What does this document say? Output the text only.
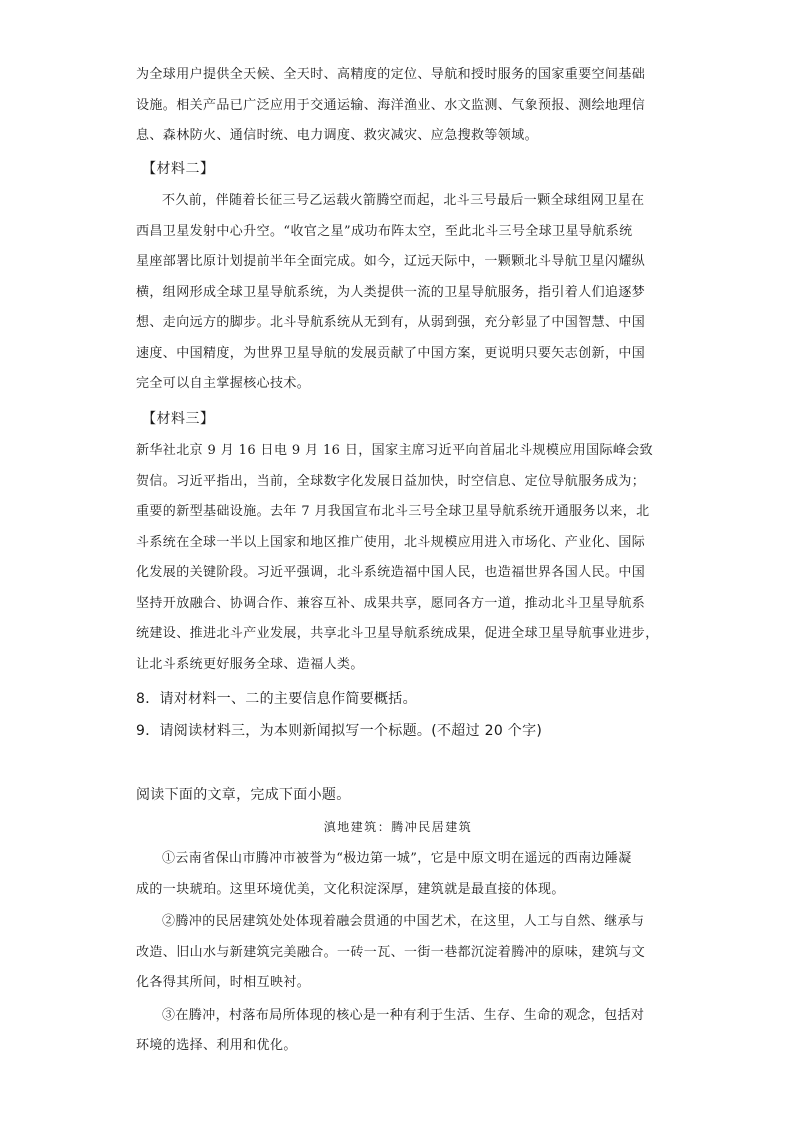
为全球用户提供全天候、全天时、高精度的定位、导航和授时服务的国家重要空间基础
设施。相关产品已广泛应用于交通运输、海洋渔业、水文监测、气象预报、测绘地理信
息、森林防火、通信时统、电力调度、救灾减灾、应急搜救等领域。

【材料二】

不久前，伴随着长征三号乙运载火箭腾空而起，北斗三号最后一颗全球组网卫星在
西昌卫星发射中心升空。“收官之星”成功布阵太空，至此北斗三号全球卫星导航系统
星座部署比原计划提前半年全面完成。如今，辽远天际中，一颗颗北斗导航卫星闪耀纵
横，组网形成全球卫星导航系统，为人类提供一流的卫星导航服务，指引着人们追逐梦
想、走向远方的脚步。北斗导航系统从无到有，从弱到强，充分彰显了中国智慧、中国
速度、中国精度，为世界卫星导航的发展贡献了中国方案，更说明只要矢志创新，中国
完全可以自主掌握核心技术。

【材料三】

新华社北京 9 月 16 日电 9 月 16 日，国家主席习近平向首届北斗规模应用国际峰会致
贺信。习近平指出，当前，全球数字化发展日益加快，时空信息、定位导航服务成为；
重要的新型基础设施。去年 7 月我国宣布北斗三号全球卫星导航系统开通服务以来，北
斗系统在全球一半以上国家和地区推广使用，北斗规模应用进入市场化、产业化、国际
化发展的关键阶段。习近平强调，北斗系统造福中国人民，也造福世界各国人民。中国
坚持开放融合、协调合作、兼容互补、成果共享，愿同各方一道，推动北斗卫星导航系
统建设、推进北斗产业发展，共享北斗卫星导航系统成果，促进全球卫星导航事业进步，
让北斗系统更好服务全球、造福人类。

8．请对材料一、二的主要信息作简要概括。

9．请阅读材料三，为本则新闻拟写一个标题。(不超过 20 个字)

阅读下面的文章，完成下面小题。

滇地建筑：腾冲民居建筑

①云南省保山市腾冲市被誉为“极边第一城”，它是中原文明在遥远的西南边陲凝
成的一块琥珀。这里环境优美，文化积淀深厚，建筑就是最直接的体现。

②腾冲的民居建筑处处体现着融会贯通的中国艺术，在这里，人工与自然、继承与
改造、旧山水与新建筑完美融合。一砖一瓦、一街一巷都沉淀着腾冲的原味，建筑与文
化各得其所间，时相互映衬。

③在腾冲，村落布局所体现的核心是一种有利于生活、生存、生命的观念，包括对
环境的选择、利用和优化。
